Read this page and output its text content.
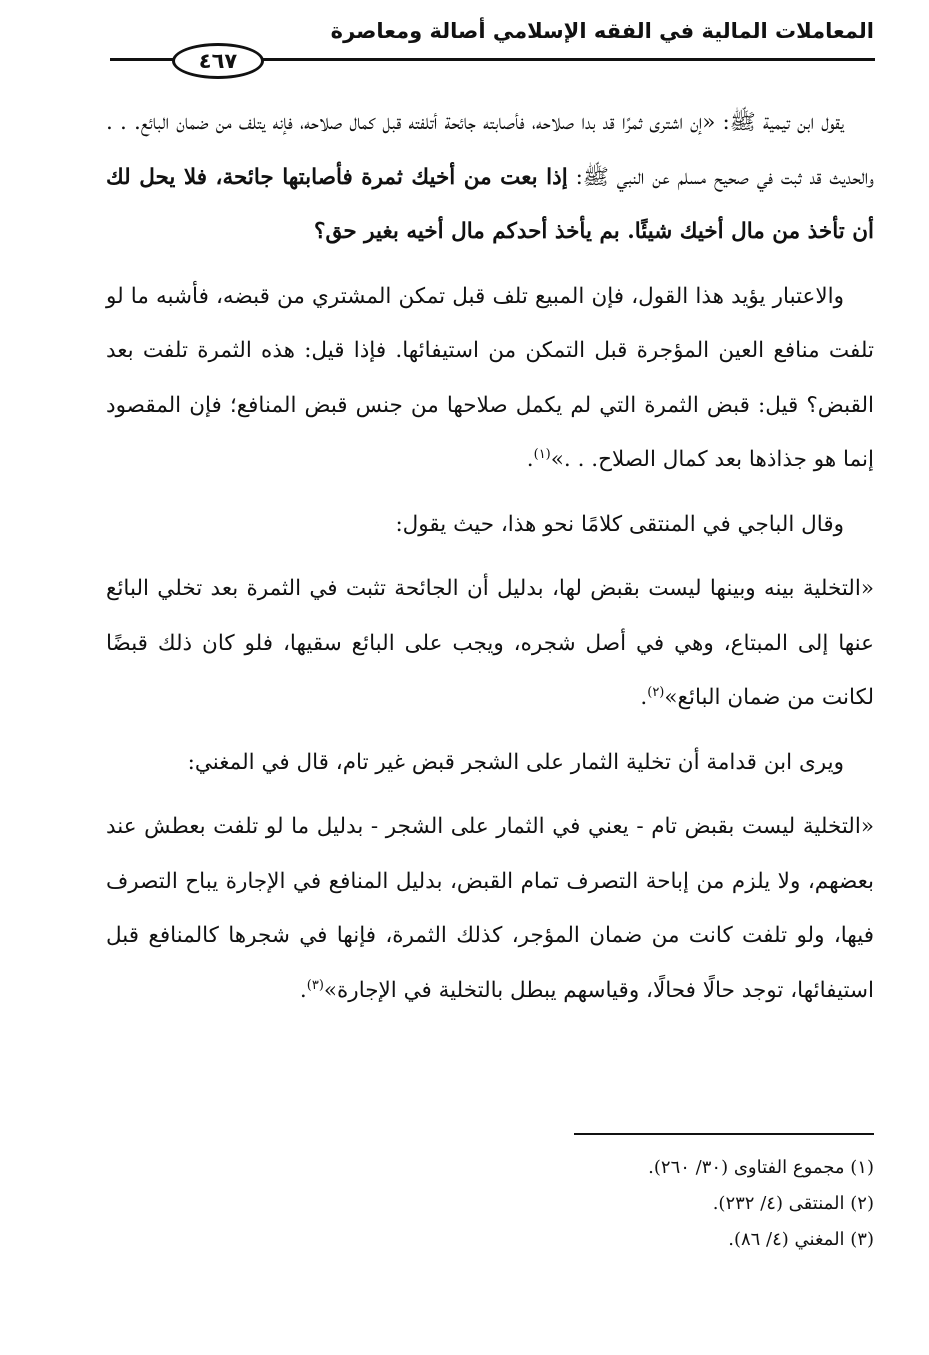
المعاملات المالية في الفقه الإسلامي أصالة ومعاصرة
٤٦٧

يقول ابن تيمية ﷺ: «إن اشترى ثمرًا قد بدا صلاحه، فأصابته جائحة أتلفته قبل كمال صلاحه، فإنه يتلف من ضمان البائع. . . والحديث قد ثبت في صحيح مسلم عن النبي ﷺ: إذا بعت من أخيك ثمرة فأصابتها جائحة، فلا يحل لك أن تأخذ من مال أخيك شيئًا. بم يأخذ أحدكم مال أخيه بغير حق؟

والاعتبار يؤيد هذا القول، فإن المبيع تلف قبل تمكن المشتري من قبضه، فأشبه ما لو تلفت منافع العين المؤجرة قبل التمكن من استيفائها. فإذا قيل: هذه الثمرة تلفت بعد القبض؟ قيل: قبض الثمرة التي لم يكمل صلاحها من جنس قبض المنافع؛ فإن المقصود إنما هو جذاذها بعد كمال الصلاح. . .»$^{(١)}$.

وقال الباجي في المنتقى كلامًا نحو هذا، حيث يقول:

«التخلية بينه وبينها ليست بقبض لها، بدليل أن الجائحة تثبت في الثمرة بعد تخلي البائع عنها إلى المبتاع، وهي في أصل شجره، ويجب على البائع سقيها، فلو كان ذلك قبضًا لكانت من ضمان البائع»$^{(٢)}$.

ويرى ابن قدامة أن تخلية الثمار على الشجر قبض غير تام، قال في المغني:

«التخلية ليست بقبض تام - يعني في الثمار على الشجر - بدليل ما لو تلفت بعطش عند بعضهم، ولا يلزم من إباحة التصرف تمام القبض، بدليل المنافع في الإجارة يباح التصرف فيها، ولو تلفت كانت من ضمان المؤجر، كذلك الثمرة، فإنها في شجرها كالمنافع قبل استيفائها، توجد حالًا فحالًا، وقياسهم يبطل بالتخلية في الإجارة»$^{(٣)}$.

(١) مجموع الفتاوى (٣٠/ ٢٦٠).
(٢) المنتقى (٤/ ٢٣٢).
(٣) المغني (٤/ ٨٦).
